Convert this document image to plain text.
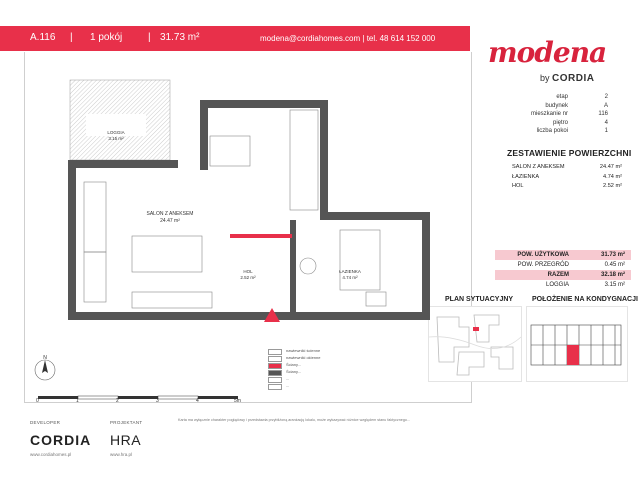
A.116 | 1 pokój	| 31.73 m²	modena@cordiahomes.com | tel. 48 614 152 000 modena
by CORDIA
etap	2
budynek	A
mieszkanie nr	116
piętro	4
liczba pokoi	1
ZESTAWIENIE POWIERZCHNI
SALON Z ANEKSEM	24.47 m²
ŁAZIENKA	4.74 m²
HOL	2.52 m²
POW. UŻYTKOWA	31.73 m²
POW. PRZEGRÓD	0.45 m²
RAZEM	32.18 m²
LOGGIA	3.15 m²
PLAN SYTUACYJNY	POŁOŻENIE NA KONDYGNACJI
LOGGIA
3.15 m²
SALON Z ANEKSEM
24.47 m²
HOL
2.52 m²
ŁAZIENKA
4.74 m²
N
0	1	2	3	4	5m
nawiewniki ścienne
nawiewniki okienne
Ściany...
Ściany...
...
...
DEVELOPER	PROJEKTANT
CORDIA HRA
www.cordiahomes.pl	www.hra.pl
Karta ma wyłącznie charakter poglądowy i przedstawia przybliżoną aranżację lokalu, może wykazywać różnice względem stanu faktycznego...
